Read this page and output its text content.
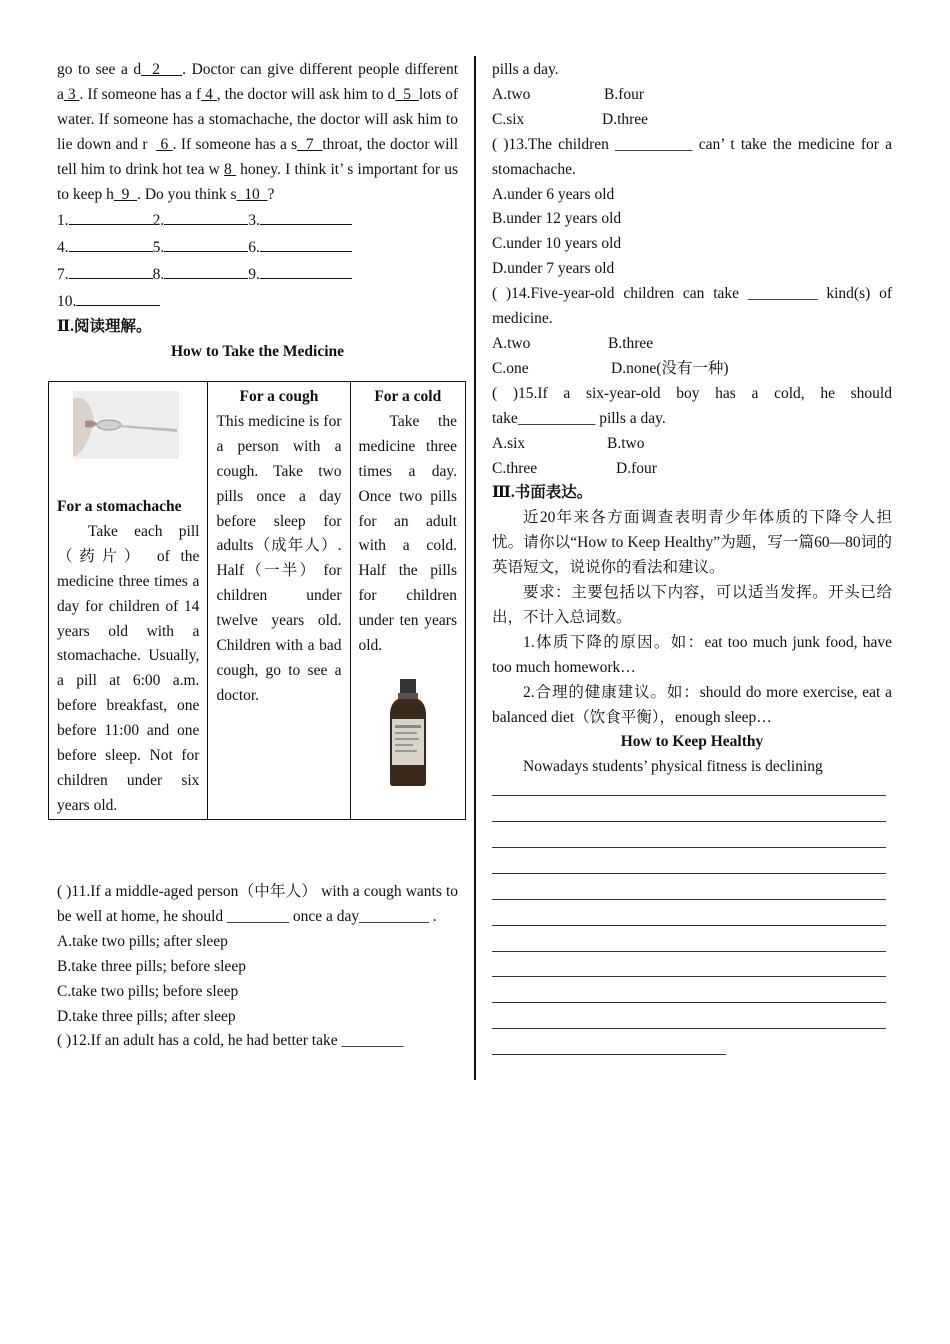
go to see a d 2 . Doctor can give different people different a 3 . If someone has a f 4 , the doctor will ask him to d 5 lots of water. If someone has a stomachache, the doctor will ask him to lie down and r 6 . If someone has a s 7 throat, the doctor will tell him to drink hot tea w 8  honey. I think it’ s important for us to keep h 9 . Do you think s 10 ?

1.	2.	3.

4.	5.	6.

7.	8.	9.

10.

Ⅱ.阅读理解。

How to Take the Medicine

For a stomachache

Take each pill（药片） of the medicine three times a day for children of 14 years old with a stomachache. Usually, a pill at 6:00 a.m. before breakfast, one before 11:00 and one before sleep. Not for children under six years old.

For a cough

This medicine is for a person with a cough. Take two pills once a day before sleep for adults（成年人）. Half（一半） for children under twelve years old. Children with a bad cough, go to see a doctor.

For a cold

Take the medicine three times a day. Once two pills for an adult with a cold. Half the pills for children under ten years old.

( )11.If a middle-aged person（中年人） with a cough wants to be well at home, he should ________ once a day_________ .

A.take two pills; after sleep

B.take three pills; before sleep

C.take two pills; before sleep

D.take three pills; after sleep

( )12.If an adult has a cold, he had better take ________

pills a day.

A.two	B.four

C.six	D.three

( )13.The children __________ can’ t take the medicine for a stomachache.

A.under 6 years old

B.under 12 years old

C.under 10 years old

D.under 7 years old

( )14.Five-year-old children can take _________ kind(s) of medicine.

A.two	B.three

C.one	D.none(没有一种)

( )15.If a six-year-old boy has a cold, he should take__________ pills a day.

A.six	B.two

C.three	D.four

Ⅲ.书面表达。

近20年来各方面调查表明青少年体质的下降令人担忧。请你以“How to Keep Healthy”为题，写一篇60—80词的英语短文，说说你的看法和建议。

要求：主要包括以下内容，可以适当发挥。开头已给出，不计入总词数。

1.体质下降的原因。如：eat too much junk food, have too much homework…

2.合理的健康建议。如：should do more exercise, eat a balanced diet（饮食平衡），enough sleep…

How to Keep Healthy

Nowadays students’ physical fitness is declining
